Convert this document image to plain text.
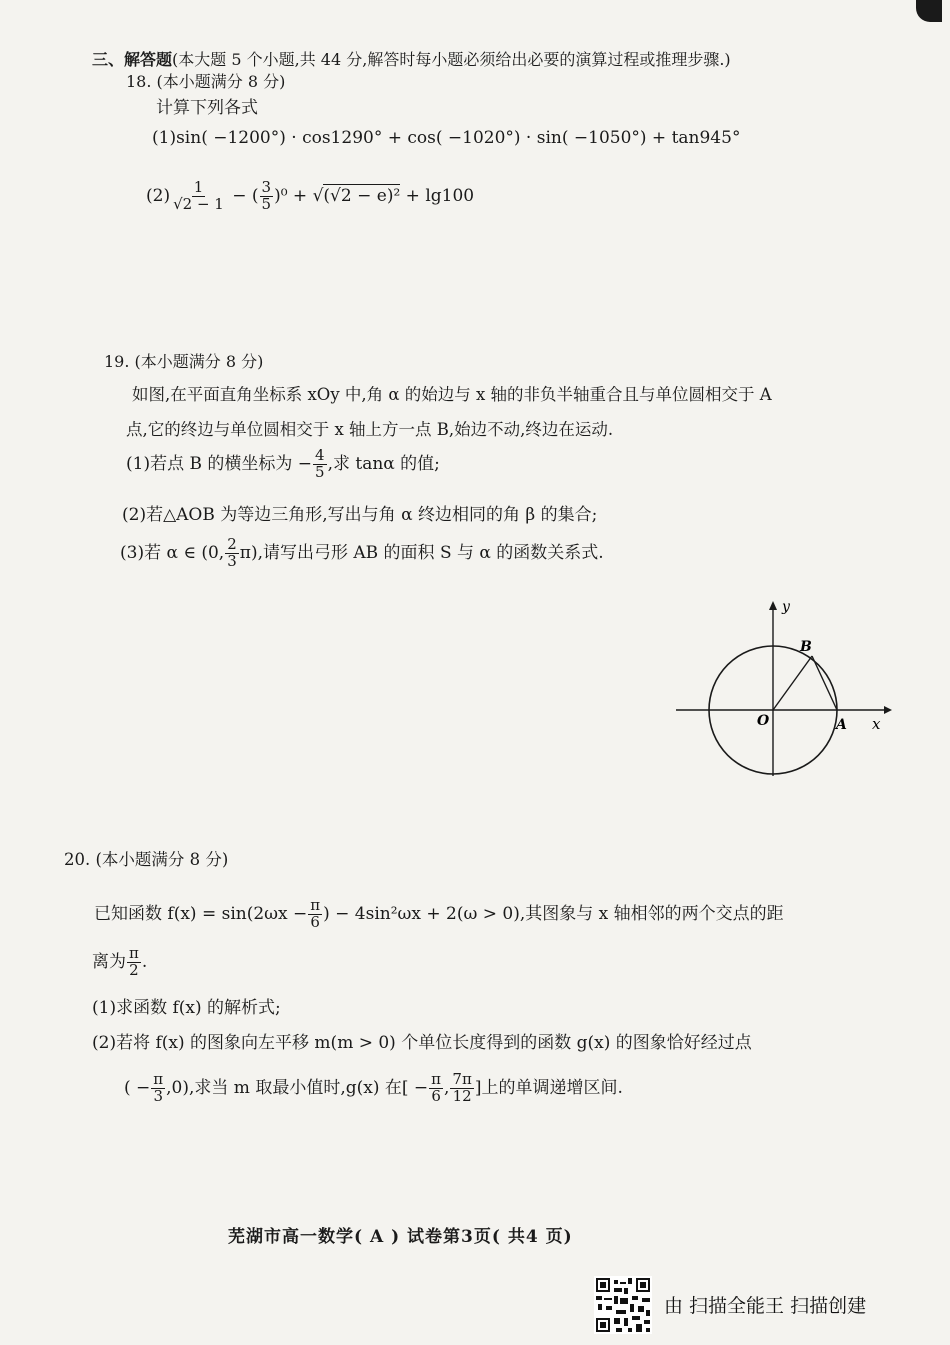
三、解答题(本大题 5 个小题,共 44 分,解答时每小题必须给出必要的演算过程或推理步骤.)
18. (本小题满分 8 分)
计算下列各式
(1)sin( −1200°) · cos1290° + cos( −1020°) · sin( −1050°) + tan945°
$(2) \frac{1}{√2 - 1}$ − ( $\frac{3}{5} )^0 + √(√2 - e)^2 + \lg 100$
19. (本小题满分 8 分)
如图,在平面直角坐标系 xOy 中,角 α 的始边与 x 轴的非负半轴重合且与单位圆相交于 A
点,它的终边与单位圆相交于 x 轴上方一点 B,始边不动,终边在运动.
(1)若点 B 的横坐标为 − $\frac{4}{5}$ ,求 tanα 的值;
(2)若△AOB 为等边三角形,写出与角 α 终边相同的角 β 的集合;
(3)若 α ∈ (0, $\frac{2}{3} \pi$),请写出弓形 AB 的面积 S 与 α 的函数关系式.
y
x
O	A
B
20. (本小题满分 8 分)
已知函数 $f(x) = \sin(2\omega x - \frac{\pi}{6}$ ) − 4sin²ωx + 2(ω > 0),其图象与 x 轴相邻的两个交点的距
离为 $\frac{\pi}{2}$ .
(1)求函数 f(x) 的解析式;
(2)若将 f(x) 的图象向左平移 m(m > 0) 个单位长度得到的函数 g(x) 的图象恰好经过点
( − $\frac{\pi}{3} ,0$),求当 m 取最小值时,g(x) 在[ − $\frac{\pi}{6}$ , $\frac{7\pi}{12}$ ]上的单调递增区间.
芜湖市高一数学( A ) 试卷第3页( 共4 页)
由 扫描全能王 扫描创建
